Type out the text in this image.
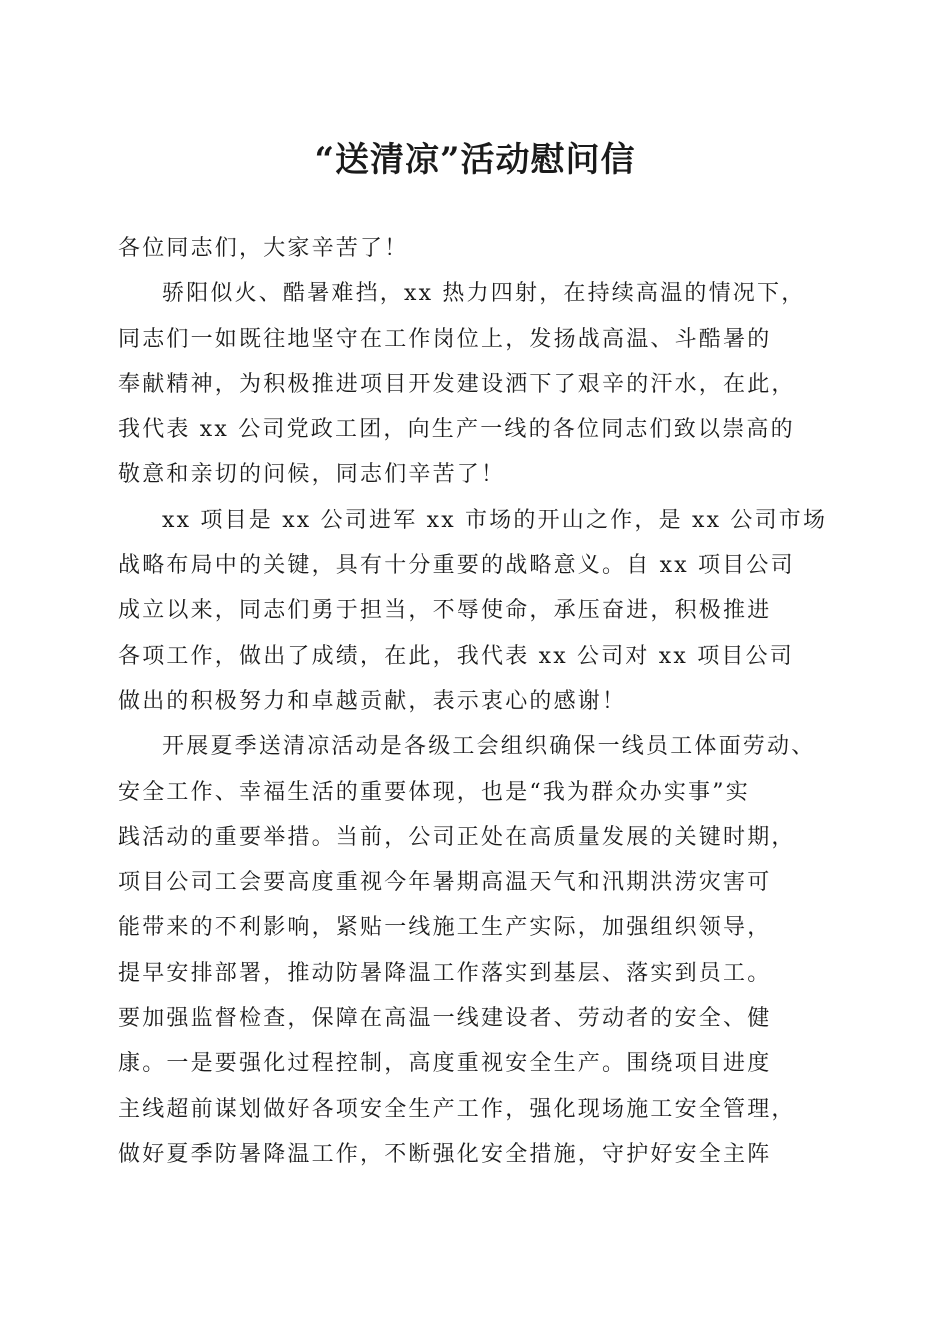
“送清凉”活动慰问信
各位同志们，大家辛苦了！
骄阳似火、酷暑难挡，xx 热力四射，在持续高温的情况下，
同志们一如既往地坚守在工作岗位上，发扬战高温、斗酷暑的
奉献精神，为积极推进项目开发建设洒下了艰辛的汗水，在此，
我代表 xx 公司党政工团，向生产一线的各位同志们致以崇高的
敬意和亲切的问候，同志们辛苦了！
xx 项目是 xx 公司进军 xx 市场的开山之作，是 xx 公司市场
战略布局中的关键，具有十分重要的战略意义。自 xx 项目公司
成立以来，同志们勇于担当，不辱使命，承压奋进，积极推进
各项工作，做出了成绩，在此，我代表 xx 公司对 xx 项目公司
做出的积极努力和卓越贡献，表示衷心的感谢！
开展夏季送清凉活动是各级工会组织确保一线员工体面劳动、
安全工作、幸福生活的重要体现，也是“我为群众办实事”实
践活动的重要举措。当前，公司正处在高质量发展的关键时期，
项目公司工会要高度重视今年暑期高温天气和汛期洪涝灾害可
能带来的不利影响，紧贴一线施工生产实际，加强组织领导，
提早安排部署，推动防暑降温工作落实到基层、落实到员工。
要加强监督检查，保障在高温一线建设者、劳动者的安全、健
康。一是要强化过程控制，高度重视安全生产。围绕项目进度
主线超前谋划做好各项安全生产工作，强化现场施工安全管理，
做好夏季防暑降温工作，不断强化安全措施，守护好安全主阵
